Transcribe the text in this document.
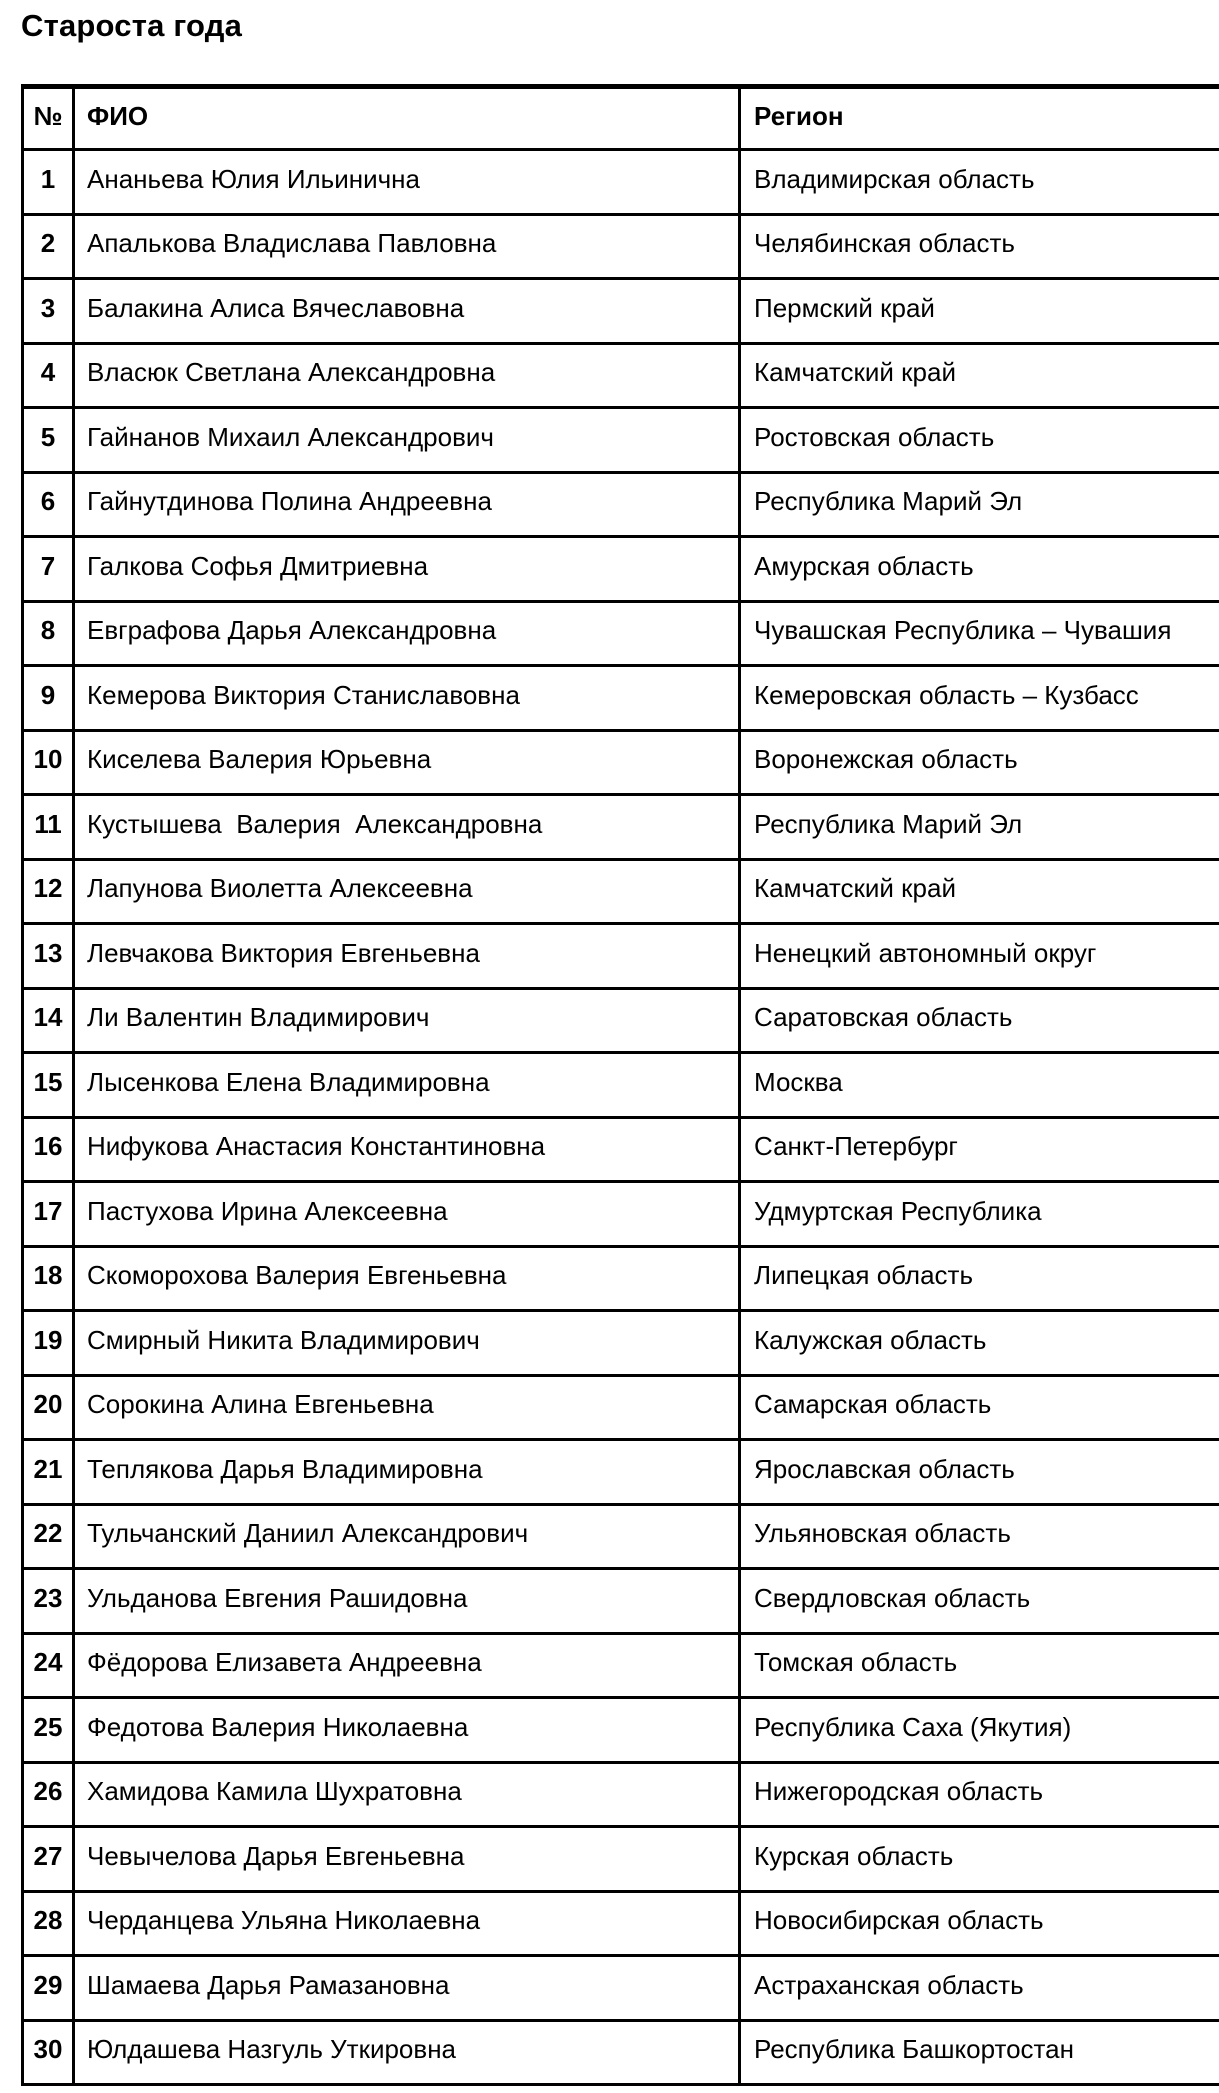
Староста года
№	ФИО	Регион
1	Ананьева Юлия Ильинична	Владимирская область
2	Апалькова Владислава Павловна	Челябинская область
3	Балакина Алиса Вячеславовна	Пермский край
4	Власюк Светлана Александровна	Камчатский край
5	Гайнанов Михаил Александрович	Ростовская область
6	Гайнутдинова Полина Андреевна	Республика Марий Эл
7	Галкова Софья Дмитриевна	Амурская область
8	Евграфова Дарья Александровна	Чувашская Республика – Чувашия
9	Кемерова Виктория Станиславовна	Кемеровская область – Кузбасс
10	Киселева Валерия Юрьевна	Воронежская область
11	Кустышева  Валерия  Александровна	Республика Марий Эл
12	Лапунова Виолетта Алексеевна	Камчатский край
13	Левчакова Виктория Евгеньевна	Ненецкий автономный округ
14	Ли Валентин Владимирович	Саратовская область
15	Лысенкова Елена Владимировна	Москва
16	Нифукова Анастасия Константиновна	Санкт-Петербург
17	Пастухова Ирина Алексеевна	Удмуртская Республика
18	Скоморохова Валерия Евгеньевна	Липецкая область
19	Смирный Никита Владимирович	Калужская область
20	Сорокина Алина Евгеньевна	Самарская область
21	Теплякова Дарья Владимировна	Ярославская область
22	Тульчанский Даниил Александрович	Ульяновская область
23	Ульданова Евгения Рашидовна	Свердловская область
24	Фёдорова Елизавета Андреевна	Томская область
25	Федотова Валерия Николаевна	Республика Саха (Якутия)
26	Хамидова Камила Шухратовна	Нижегородская область
27	Чевычелова Дарья Евгеньевна	Курская область
28	Черданцева Ульяна Николаевна	Новосибирская область
29	Шамаева Дарья Рамазановна	Астраханская область
30	Юлдашева Назгуль Уткировна	Республика Башкортостан
